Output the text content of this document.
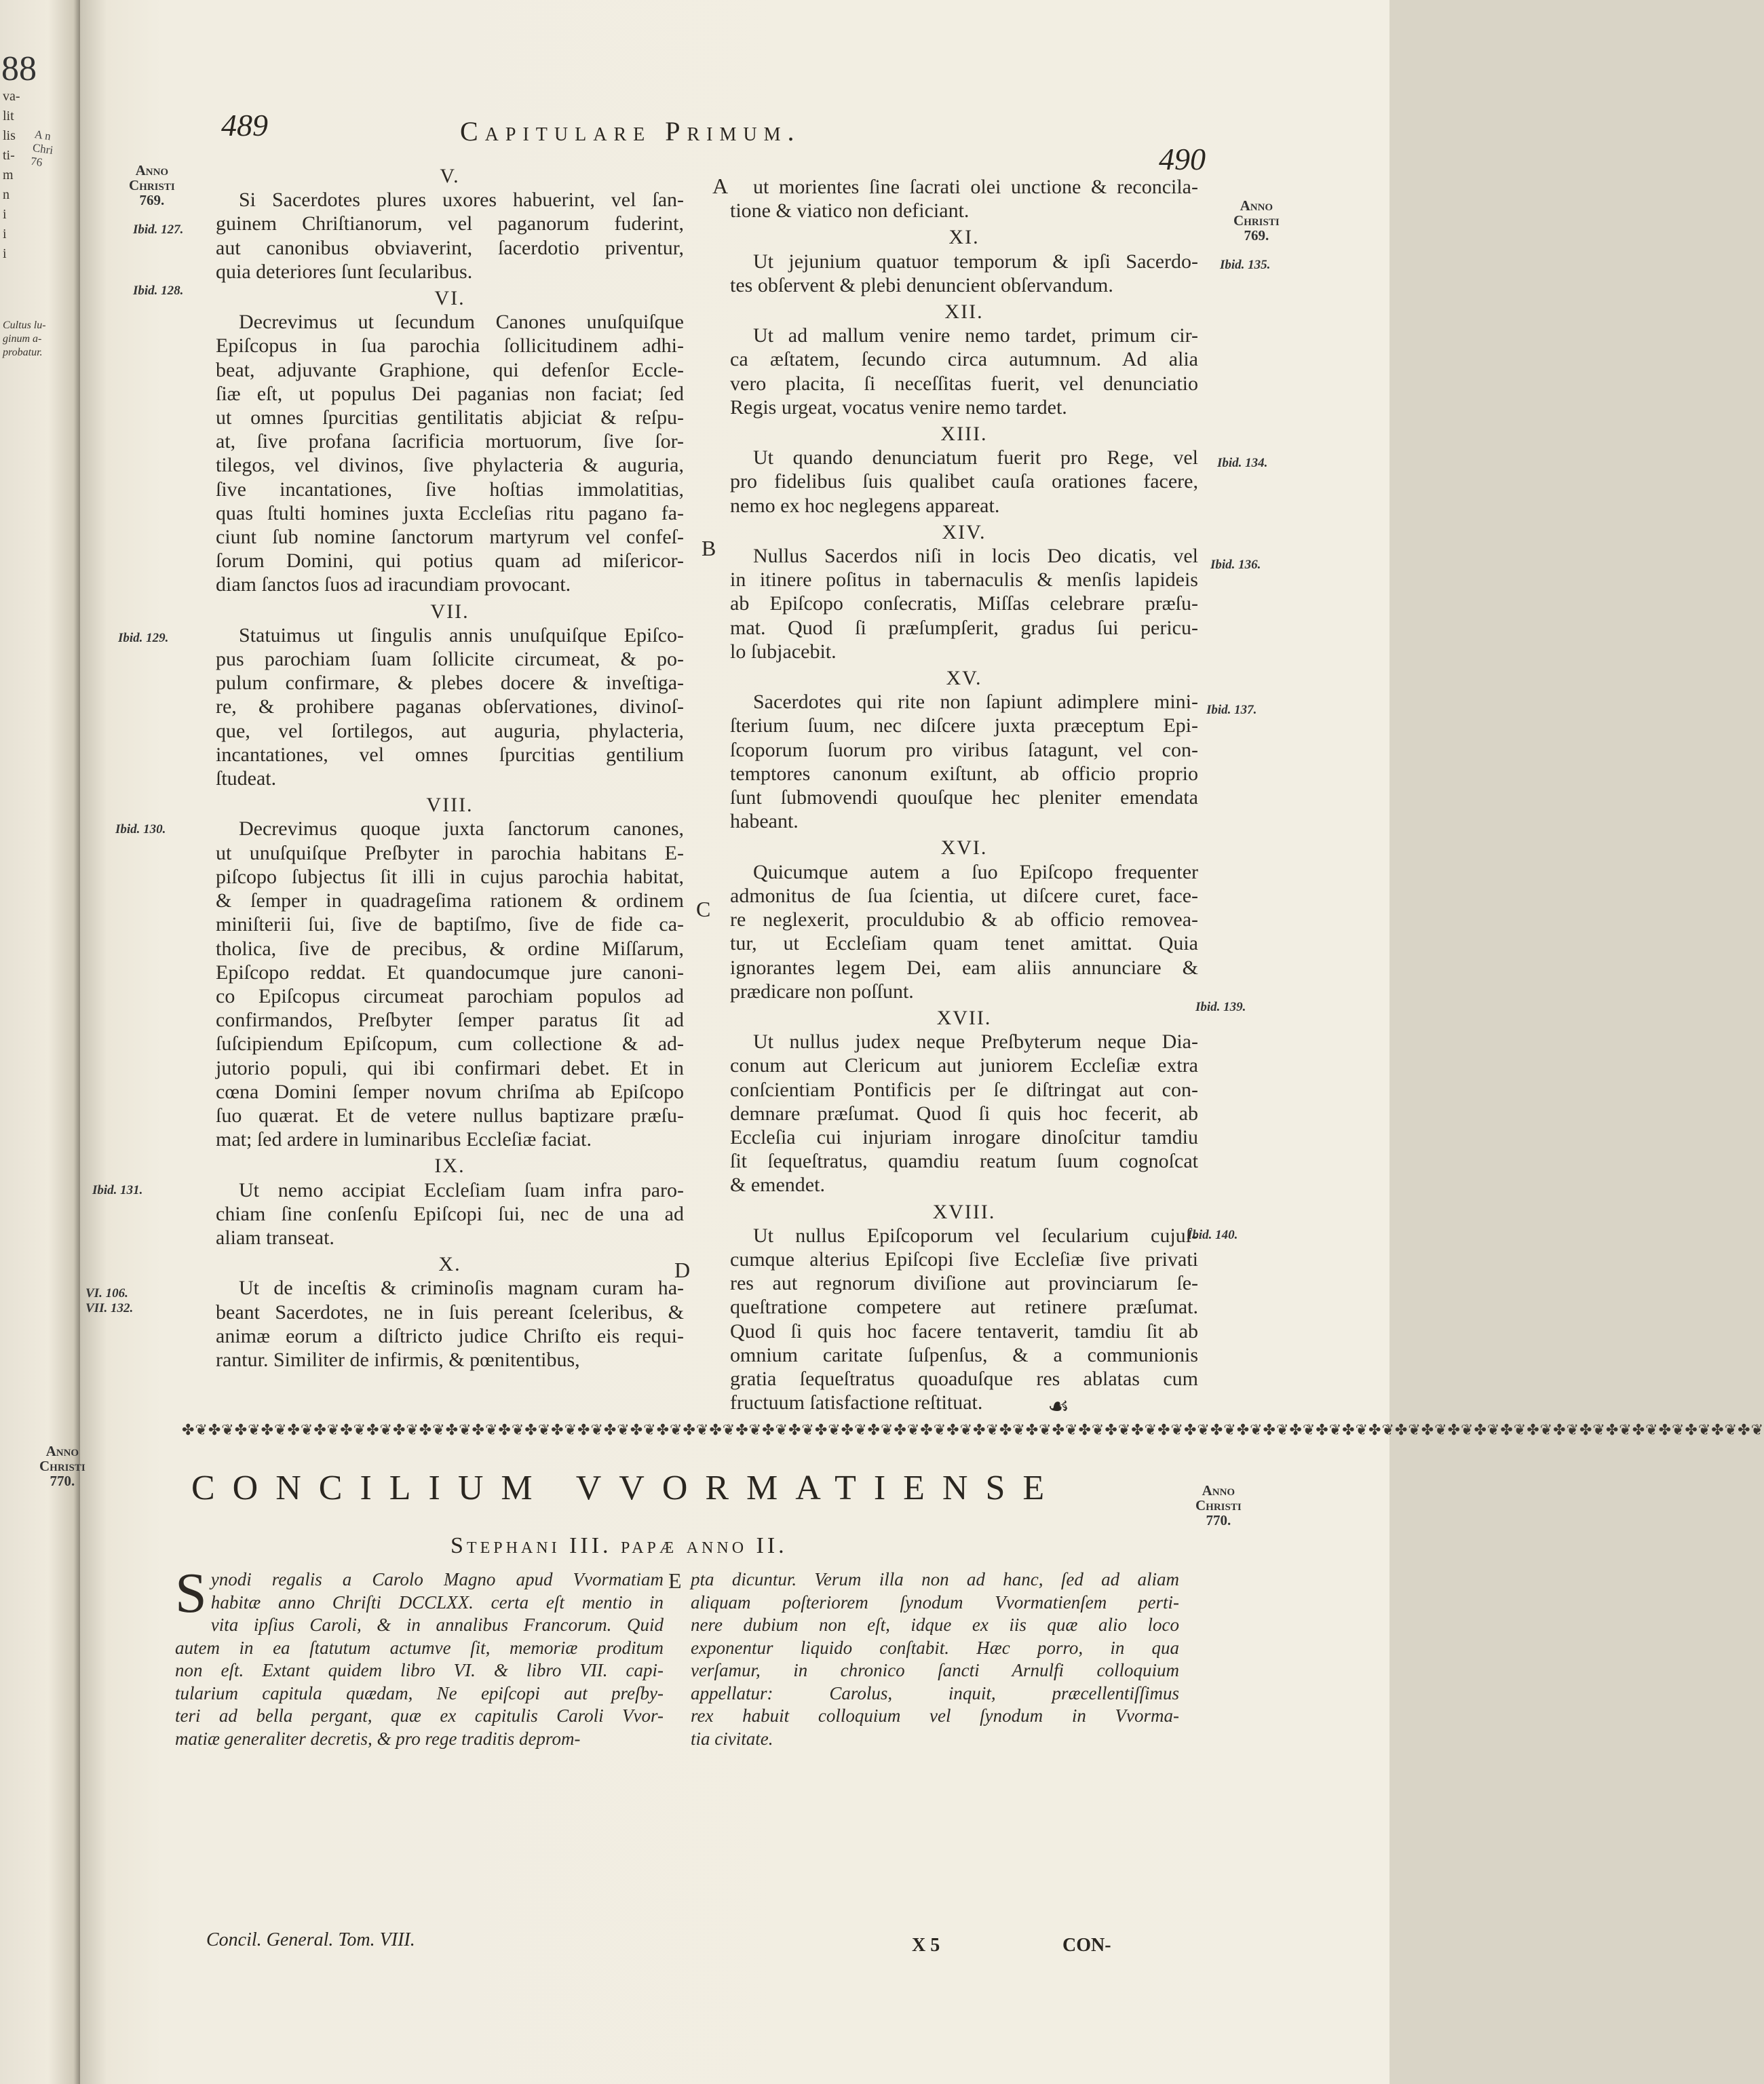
88
va-
lit
lis
ti-
m
n
i
i
i
A n
Chri
76
Cultus lu-
ginum a-
probatur.
489	Capitulare Primum.
490
Anno
Christi
769.	Anno
Christi
769.
Ibid. 127.
Ibid. 128.
Ibid. 129.
Ibid. 130.
Ibid. 131.
VI. 106.
VII. 132.
Ibid. 135.
Ibid. 134.
Ibid. 136.
Ibid. 137.
Ibid. 139.
Ibid. 140.
A
B
C
D

V.

Si Sacerdotes plures uxores habuerint, vel ſan-
guinem Chriſtianorum, vel paganorum fuderint,
aut canonibus obviaverint, ſacerdotio priventur,
quia deteriores ſunt ſecularibus.

VI.

Decrevimus ut ſecundum Canones unuſquiſque
Epiſcopus in ſua parochia ſollicitudinem adhi-
beat, adjuvante Graphione, qui defenſor Eccle-
ſiæ eſt, ut populus Dei paganias non faciat; ſed
ut omnes ſpurcitias gentilitatis abjiciat & reſpu-
at, ſive profana ſacrificia mortuorum, ſive ſor-
tilegos, vel divinos, ſive phylacteria & auguria,
ſive incantationes, ſive hoſtias immolatitias,
quas ſtulti homines juxta Eccleſias ritu pagano fa-
ciunt ſub nomine ſanctorum martyrum vel confeſ-
ſorum Domini, qui potius quam ad miſericor-
diam ſanctos ſuos ad iracundiam provocant.

VII.

Statuimus ut ſingulis annis unuſquiſque Epiſco-
pus parochiam ſuam ſollicite circumeat, & po-
pulum confirmare, & plebes docere & inveſtiga-
re, & prohibere paganas obſervationes, divinoſ-
que, vel ſortilegos, aut auguria, phylacteria,
incantationes, vel omnes ſpurcitias gentilium
ſtudeat.

VIII.

Decrevimus quoque juxta ſanctorum canones,
ut unuſquiſque Preſbyter in parochia habitans E-
piſcopo ſubjectus ſit illi in cujus parochia habitat,
& ſemper in quadrageſima rationem & ordinem
miniſterii ſui, ſive de baptiſmo, ſive de fide ca-
tholica, ſive de precibus, & ordine Miſſarum,
Epiſcopo reddat. Et quandocumque jure canoni-
co Epiſcopus circumeat parochiam populos ad
confirmandos, Preſbyter ſemper paratus ſit ad
ſuſcipiendum Epiſcopum, cum collectione & ad-
jutorio populi, qui ibi confirmari debet. Et in
cœna Domini ſemper novum chriſma ab Epiſcopo
ſuo quærat. Et de vetere nullus baptizare præſu-
mat; ſed ardere in luminaribus Eccleſiæ faciat.

IX.

Ut nemo accipiat Eccleſiam ſuam infra paro-
chiam ſine conſenſu Epiſcopi ſui, nec de una ad
aliam transeat.

X.

Ut de inceſtis & criminoſis magnam curam ha-
beant Sacerdotes, ne in ſuis pereant ſceleribus, &
animæ eorum a diſtricto judice Chriſto eis requi-
rantur. Similiter de infirmis, & pœnitentibus,
ut morientes ſine ſacrati olei unctione & reconcila-
tione & viatico non deficiant.

XI.

Ut jejunium quatuor temporum & ipſi Sacerdo-
tes obſervent & plebi denuncient obſervandum.

XII.

Ut ad mallum venire nemo tardet, primum cir-
ca æſtatem, ſecundo circa autumnum. Ad alia
vero placita, ſi neceſſitas fuerit, vel denunciatio
Regis urgeat, vocatus venire nemo tardet.

XIII.

Ut quando denunciatum fuerit pro Rege, vel
pro fidelibus ſuis qualibet cauſa orationes facere,
nemo ex hoc neglegens appareat.

XIV.

Nullus Sacerdos niſi in locis Deo dicatis, vel
in itinere poſitus in tabernaculis & menſis lapideis
ab Epiſcopo conſecratis, Miſſas celebrare præſu-
mat. Quod ſi præſumpſerit, gradus ſui pericu-
lo ſubjacebit.

XV.

Sacerdotes qui rite non ſapiunt adimplere mini-
ſterium ſuum, nec diſcere juxta præceptum Epi-
ſcoporum ſuorum pro viribus ſatagunt, vel con-
temptores canonum exiſtunt, ab officio proprio
ſunt ſubmovendi quouſque hec pleniter emendata
habeant.

XVI.

Quicumque autem a ſuo Epiſcopo frequenter
admonitus de ſua ſcientia, ut diſcere curet, face-
re neglexerit, proculdubio & ab officio removea-
tur, ut Eccleſiam quam tenet amittat. Quia
ignorantes legem Dei, eam aliis annunciare &
prædicare non poſſunt.

XVII.

Ut nullus judex neque Preſbyterum neque Dia-
conum aut Clericum aut juniorem Eccleſiæ extra
conſcientiam Pontificis per ſe diſtringat aut con-
demnare præſumat. Quod ſi quis hoc fecerit, ab
Eccleſia cui injuriam inrogare dinoſcitur tamdiu
ſit ſequeſtratus, quamdiu reatum ſuum cognoſcat
& emendet.

XVIII.

Ut nullus Epiſcoporum vel ſecularium cujuſ-
cumque alterius Epiſcopi ſive Eccleſiæ ſive privati
res aut regnorum diviſione aut provinciarum ſe-
queſtratione competere aut retinere præſumat.
Quod ſi quis hoc facere tentaverit, tamdiu ſit ab
omnium caritate ſuſpenſus, & a communionis
gratia ſequeſtratus quoaduſque res ablatas cum
fructuum ſatisfactione reſtituat.	☙
✤❦✤❦✤❦✤❦✤❦✤❦✤❦✤❦✤❦✤❦✤❦✤❦✤❦✤❦✤❦✤❦✤❦✤❦✤❦✤❦✤❦✤❦✤❦✤❦✤❦✤❦✤❦✤❦✤❦✤❦✤❦✤❦✤❦✤❦✤❦✤❦✤❦✤❦✤❦✤❦✤❦✤❦✤❦✤❦✤❦✤❦✤❦✤❦✤❦✤❦✤❦✤❦✤❦✤❦✤❦✤❦✤❦✤❦✤❦✤❦
Anno
Christi
770.
Anno
Christi
770.
CONCILIUM VVORMATIENSE
Stephani III. papæ anno II.
S ynodi regalis a Carolo Magno apud Vvormatiam
habitæ anno Chriſti DCCLXX. certa eſt mentio in
vita ipſius Caroli, & in annalibus Francorum. Quid
autem in ea ſtatutum actumve ſit, memoriæ proditum
non eſt. Extant quidem libro VI. & libro VII. capi-
tularium capitula quædam, Ne epiſcopi aut preſby-
teri ad bella pergant, quæ ex capitulis Caroli Vvor-
matiæ generaliter decretis, & pro rege traditis deprom-
E pta dicuntur. Verum illa non ad hanc, ſed ad aliam
aliquam poſteriorem ſynodum Vvormatienſem perti-
nere dubium non eſt, idque ex iis quæ alio loco
exponentur liquido conſtabit. Hæc porro, in qua
verſamur, in chronico ſancti Arnulfi colloquium
appellatur: Carolus, inquit, præcellentiſſimus
rex habuit colloquium vel ſynodum in Vvorma-
tia civitate.
Concil. General. Tom. VIII.	X 5	CON-
